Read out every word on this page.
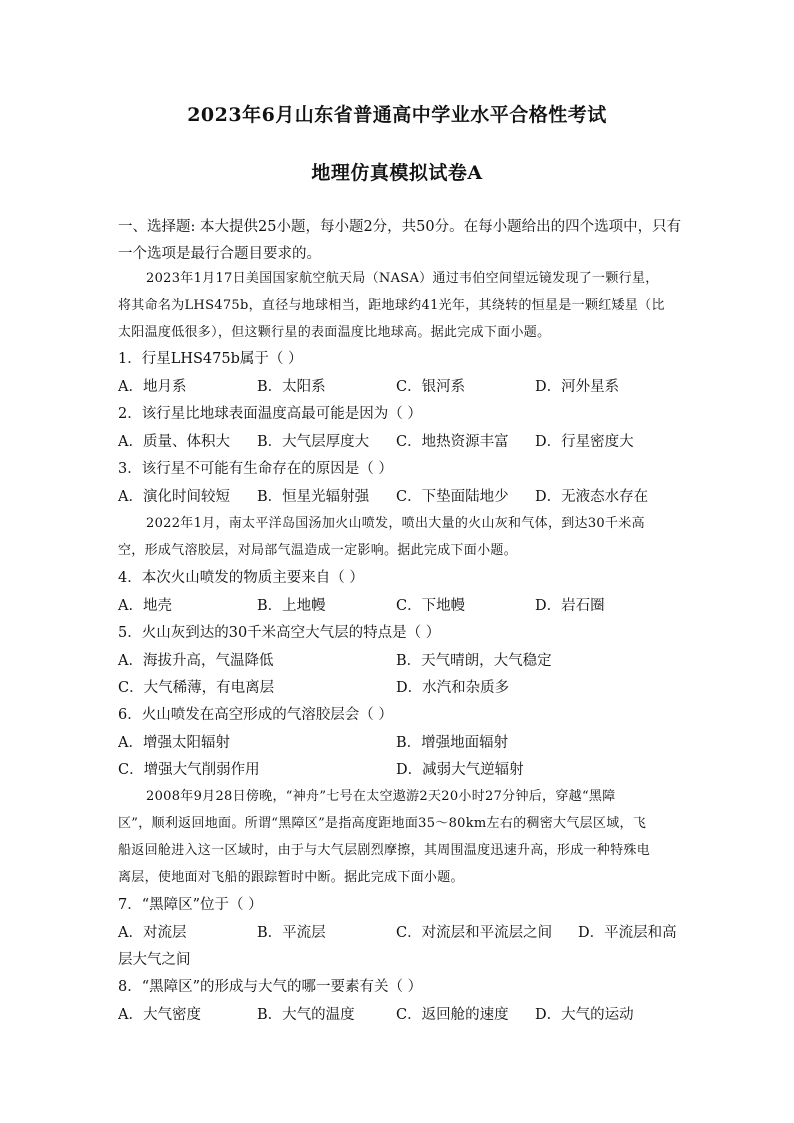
2023年6月山东省普通高中学业水平合格性考试
地理仿真模拟试卷A
一、选择题: 本大提供25小题，每小题2分，共50分。在每小题给出的四个选项中，只有
一个选项是最行合题目要求的。
2023年1月17日美国国家航空航天局（NASA）通过韦伯空间望远镜发现了一颗行星，
将其命名为LHS475b，直径与地球相当，距地球约41光年，其绕转的恒星是一颗红矮星（比
太阳温度低很多），但这颗行星的表面温度比地球高。据此完成下面小题。
1．行星LHS475b属于（ ）
A．地月系	B．太阳系	C．银河系	D．河外星系
2．该行星比地球表面温度高最可能是因为（ ）
A．质量、体积大 B．大气层厚度大 C．地热资源丰富 D．行星密度大
3．该行星不可能有生命存在的原因是（ ）
A．演化时间较短 B．恒星光辐射强 C．下垫面陆地少 D．无液态水存在
2022年1月，南太平洋岛国汤加火山喷发，喷出大量的火山灰和气体，到达30千米高
空，形成气溶胶层，对局部气温造成一定影响。据此完成下面小题。
4．本次火山喷发的物质主要来自（ ）
A．地壳	B．上地幔	C．下地幔	D．岩石圈
5．火山灰到达的30千米高空大气层的特点是（ ）
A．海拔升高，气温降低	B．天气晴朗，大气稳定
C．大气稀薄，有电离层	D．水汽和杂质多
6．火山喷发在高空形成的气溶胶层会（ ）
A．增强太阳辐射	B．增强地面辐射
C．增强大气削弱作用	D．减弱大气逆辐射
2008年9月28日傍晚，“神舟”七号在太空遨游2天20小时27分钟后，穿越“黑障
区”，顺利返回地面。所谓“黑障区”是指高度距地面35～80km左右的稠密大气层区域，飞
船返回舱进入这一区域时，由于与大气层剧烈摩擦，其周围温度迅速升高，形成一种特殊电
离层，使地面对飞船的跟踪暂时中断。据此完成下面小题。
7．“黑障区”位于（ ）
A．对流层	B．平流层	C．对流层和平流层之间 D．平流层和高
层大气之间
8．“黑障区”的形成与大气的哪一要素有关（ ）
A．大气密度	B．大气的温度	C．返回舱的速度 D．大气的运动
